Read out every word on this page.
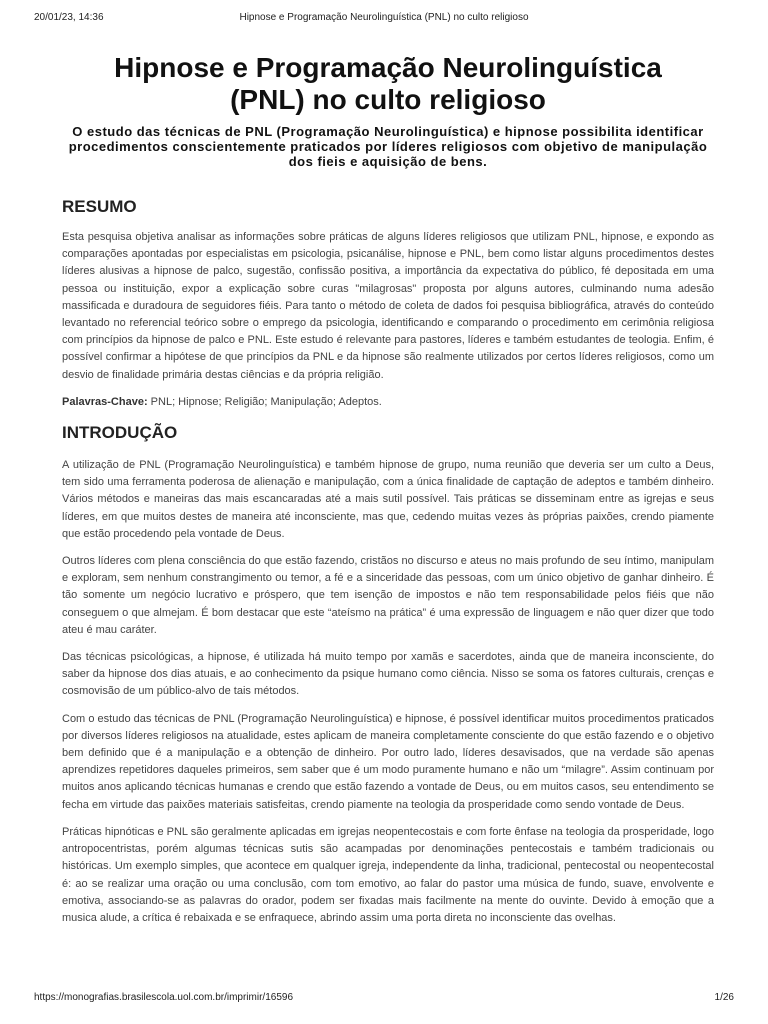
20/01/23, 14:36	Hipnose e Programação Neurolinguística (PNL) no culto religioso
Hipnose e Programação Neurolinguística
(PNL) no culto religioso

O estudo das técnicas de PNL (Programação Neurolinguística) e hipnose possibilita identificar procedimentos conscientemente praticados por líderes religiosos com objetivo de manipulação dos fieis e aquisição de bens.

RESUMO

Esta pesquisa objetiva analisar as informações sobre práticas de alguns líderes religiosos que utilizam PNL, hipnose, e expondo as comparações apontadas por especialistas em psicologia, psicanálise, hipnose e PNL, bem como listar alguns procedimentos destes líderes alusivas a hipnose de palco, sugestão, confissão positiva, a importância da expectativa do público, fé depositada em uma pessoa ou instituição, expor a explicação sobre curas "milagrosas" proposta por alguns autores, culminando numa adesão massificada e duradoura de seguidores fiéis. Para tanto o método de coleta de dados foi pesquisa bibliográfica, através do conteúdo levantado no referencial teórico sobre o emprego da psicologia, identificando e comparando o procedimento em cerimônia religiosa com princípios da hipnose de palco e PNL. Este estudo é relevante para pastores, líderes e também estudantes de teologia. Enfim, é possível confirmar a hipótese de que princípios da PNL e da hipnose são realmente utilizados por certos líderes religiosos, como um desvio de finalidade primária destas ciências e da própria religião.

Palavras-Chave: PNL; Hipnose; Religião; Manipulação; Adeptos.

INTRODUÇÃO

A utilização de PNL (Programação Neurolinguística) e também hipnose de grupo, numa reunião que deveria ser um culto a Deus, tem sido uma ferramenta poderosa de alienação e manipulação, com a única finalidade de captação de adeptos e também dinheiro. Vários métodos e maneiras das mais escancaradas até a mais sutil possível. Tais práticas se disseminam entre as igrejas e seus líderes, em que muitos destes de maneira até inconsciente, mas que, cedendo muitas vezes às próprias paixões, crendo piamente que estão procedendo pela vontade de Deus.

Outros líderes com plena consciência do que estão fazendo, cristãos no discurso e ateus no mais profundo de seu íntimo, manipulam e exploram, sem nenhum constrangimento ou temor, a fé e a sinceridade das pessoas, com um único objetivo de ganhar dinheiro. É tão somente um negócio lucrativo e próspero, que tem isenção de impostos e não tem responsabilidade pelos fiéis que não conseguem o que almejam. É bom destacar que este “ateísmo na prática” é uma expressão de linguagem e não quer dizer que todo ateu é mau caráter.

Das técnicas psicológicas, a hipnose, é utilizada há muito tempo por xamãs e sacerdotes, ainda que de maneira inconsciente, do saber da hipnose dos dias atuais, e ao conhecimento da psique humano como ciência. Nisso se soma os fatores culturais, crenças e cosmovisão de um público-alvo de tais métodos.

Com o estudo das técnicas de PNL (Programação Neurolinguística) e hipnose, é possível identificar muitos procedimentos praticados por diversos líderes religiosos na atualidade, estes aplicam de maneira completamente consciente do que estão fazendo e o objetivo bem definido que é a manipulação e a obtenção de dinheiro. Por outro lado, líderes desavisados, que na verdade são apenas aprendizes repetidores daqueles primeiros, sem saber que é um modo puramente humano e não um “milagre”. Assim continuam por muitos anos aplicando técnicas humanas e crendo que estão fazendo a vontade de Deus, ou em muitos casos, seu entendimento se fecha em virtude das paixões materiais satisfeitas, crendo piamente na teologia da prosperidade como sendo vontade de Deus.

Práticas hipnóticas e PNL são geralmente aplicadas em igrejas neopentecostais e com forte ênfase na teologia da prosperidade, logo antropocentristas, porém algumas técnicas sutis são acampadas por denominações pentecostais e também tradicionais ou históricas. Um exemplo simples, que acontece em qualquer igreja, independente da linha, tradicional, pentecostal ou neopentecostal é: ao se realizar uma oração ou uma conclusão, com tom emotivo, ao falar do pastor uma música de fundo, suave, envolvente e emotiva, associando-se as palavras do orador, podem ser fixadas mais facilmente na mente do ouvinte. Devido à emoção que a musica alude, a crítica é rebaixada e se enfraquece, abrindo assim uma porta direta no inconsciente das ovelhas.

https://monografias.brasilescola.uol.com.br/imprimir/16596	1/26
